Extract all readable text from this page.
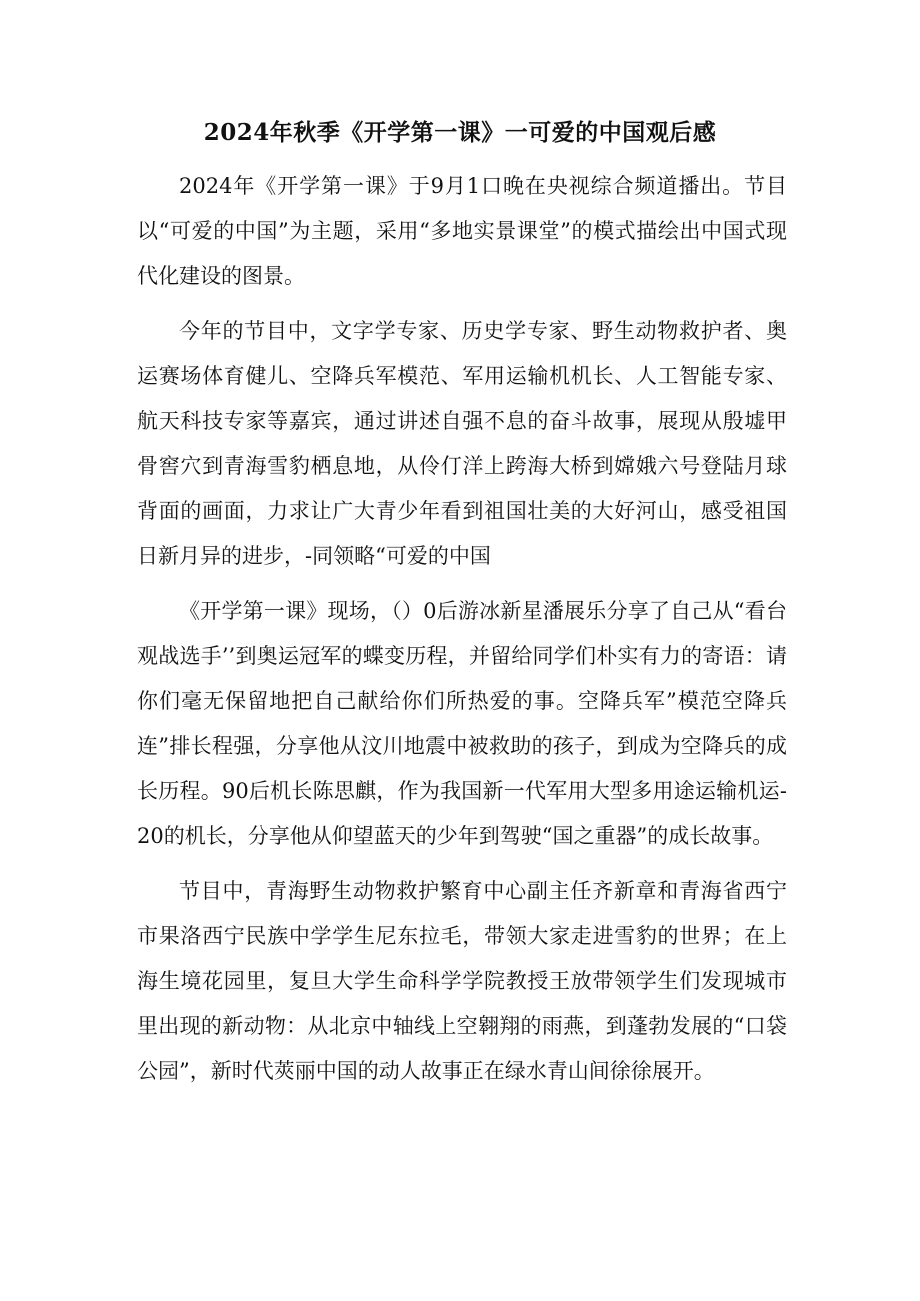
2024年秋季《开学第一课》一可爱的中国观后感

2024年《开学第一课》于9月1口晚在央视综合频道播出。节目以“可爱的中国”为主题，采用“多地实景课堂”的模式描绘出中国式现代化建设的图景。

今年的节目中，文字学专家、历史学专家、野生动物救护者、奥运赛场体育健儿、空降兵军模范、军用运输机机长、人工智能专家、航天科技专家等嘉宾，通过讲述自强不息的奋斗故事，展现从殷墟甲骨窖穴到青海雪豹栖息地，从伶仃洋上跨海大桥到嫦娥六号登陆月球背面的画面，力求让广大青少年看到祖国壮美的大好河山，感受祖国日新月异的进步，-同领略“可爱的中国

《开学第一课》现场，（）0后游冰新星潘展乐分享了自己从“看台观战选手’’到奥运冠军的蝶变历程，并留给同学们朴实有力的寄语：请你们毫无保留地把自己献给你们所热爱的事。空降兵军”模范空降兵连”排长程强，分享他从汶川地震中被救助的孩子，到成为空降兵的成长历程。90后机长陈思麒，作为我国新一代军用大型多用途运输机运-20的机长，分享他从仰望蓝天的少年到驾驶“国之重器”的成长故事。

节目中，青海野生动物救护繁育中心副主任齐新章和青海省西宁市果洛西宁民族中学学生尼东拉毛，带领大家走进雪豹的世界；在上海生境花园里，复旦大学生命科学学院教授王放带领学生们发现城市里出现的新动物：从北京中轴线上空翱翔的雨燕，到蓬勃发展的“口袋公园”，新时代莢丽中国的动人故事正在绿水青山间徐徐展开。
